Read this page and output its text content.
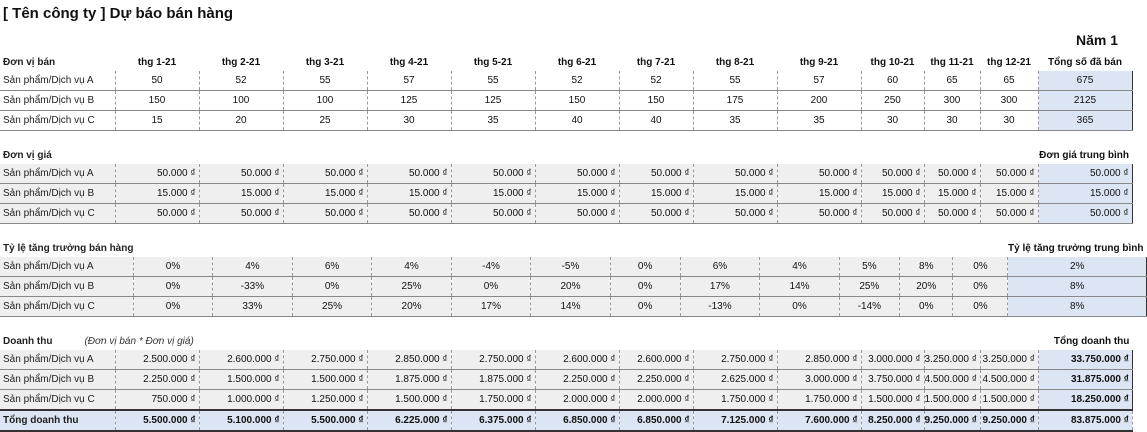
[ Tên công ty ] Dự báo bán hàng
Năm 1
Đơn vị bán	thg 1-21	thg 2-21	thg 3-21	thg 4-21	thg 5-21	thg 6-21	thg 7-21	thg 8-21	thg 9-21	thg 10-21	thg 11-21	thg 12-21	Tổng số đã bán
Sản phẩm/Dịch vụ A	50	52	55	57	55	52	52	55	57	60	65	65	675
Sản phẩm/Dịch vụ B	150	100	100	125	125	150	150	175	200	250	300	300	2125
Sản phẩm/Dịch vụ C	15	20	25	30	35	40	40	35	35	30	30	30	365
Đơn vị giá													Đơn giá trung bình
Sản phẩm/Dịch vụ A	50.000 ₫	50.000 ₫	50.000 ₫	50.000 ₫	50.000 ₫	50.000 ₫	50.000 ₫	50.000 ₫	50.000 ₫	50.000 ₫	50.000 ₫	50.000 ₫	50.000 ₫
Sản phẩm/Dịch vụ B	15.000 ₫	15.000 ₫	15.000 ₫	15.000 ₫	15.000 ₫	15.000 ₫	15.000 ₫	15.000 ₫	15.000 ₫	15.000 ₫	15.000 ₫	15.000 ₫	15.000 ₫
Sản phẩm/Dịch vụ C	50.000 ₫	50.000 ₫	50.000 ₫	50.000 ₫	50.000 ₫	50.000 ₫	50.000 ₫	50.000 ₫	50.000 ₫	50.000 ₫	50.000 ₫	50.000 ₫	50.000 ₫
Tỷ lệ tăng trưởng bán hàng													Tỷ lệ tăng trưởng trung bình
Sản phẩm/Dịch vụ A	0%	4%	6%	4%	-4%	-5%	0%	6%	4%	5%	8%	0%	2%
Sản phẩm/Dịch vụ B	0%	-33%	0%	25%	0%	20%	0%	17%	14%	25%	20%	0%	8%
Sản phẩm/Dịch vụ C	0%	33%	25%	20%	17%	14%	0%	-13%	0%	-14%	0%	0%	8%
Doanh thu (Đơn vị bán * Đơn vị giá)													Tổng doanh thu
Sản phẩm/Dịch vụ A	2.500.000 ₫	2.600.000 ₫	2.750.000 ₫	2.850.000 ₫	2.750.000 ₫	2.600.000 ₫	2.600.000 ₫	2.750.000 ₫	2.850.000 ₫	3.000.000 ₫	3.250.000 ₫	3.250.000 ₫	33.750.000 ₫
Sản phẩm/Dịch vụ B	2.250.000 ₫	1.500.000 ₫	1.500.000 ₫	1.875.000 ₫	1.875.000 ₫	2.250.000 ₫	2.250.000 ₫	2.625.000 ₫	3.000.000 ₫	3.750.000 ₫	4.500.000 ₫	4.500.000 ₫	31.875.000 ₫
Sản phẩm/Dịch vụ C	750.000 ₫	1.000.000 ₫	1.250.000 ₫	1.500.000 ₫	1.750.000 ₫	2.000.000 ₫	2.000.000 ₫	1.750.000 ₫	1.750.000 ₫	1.500.000 ₫	1.500.000 ₫	1.500.000 ₫	18.250.000 ₫
Tổng doanh thu	5.500.000 ₫	5.100.000 ₫	5.500.000 ₫	6.225.000 ₫	6.375.000 ₫	6.850.000 ₫	6.850.000 ₫	7.125.000 ₫	7.600.000 ₫	8.250.000 ₫	9.250.000 ₫	9.250.000 ₫	83.875.000 ₫
